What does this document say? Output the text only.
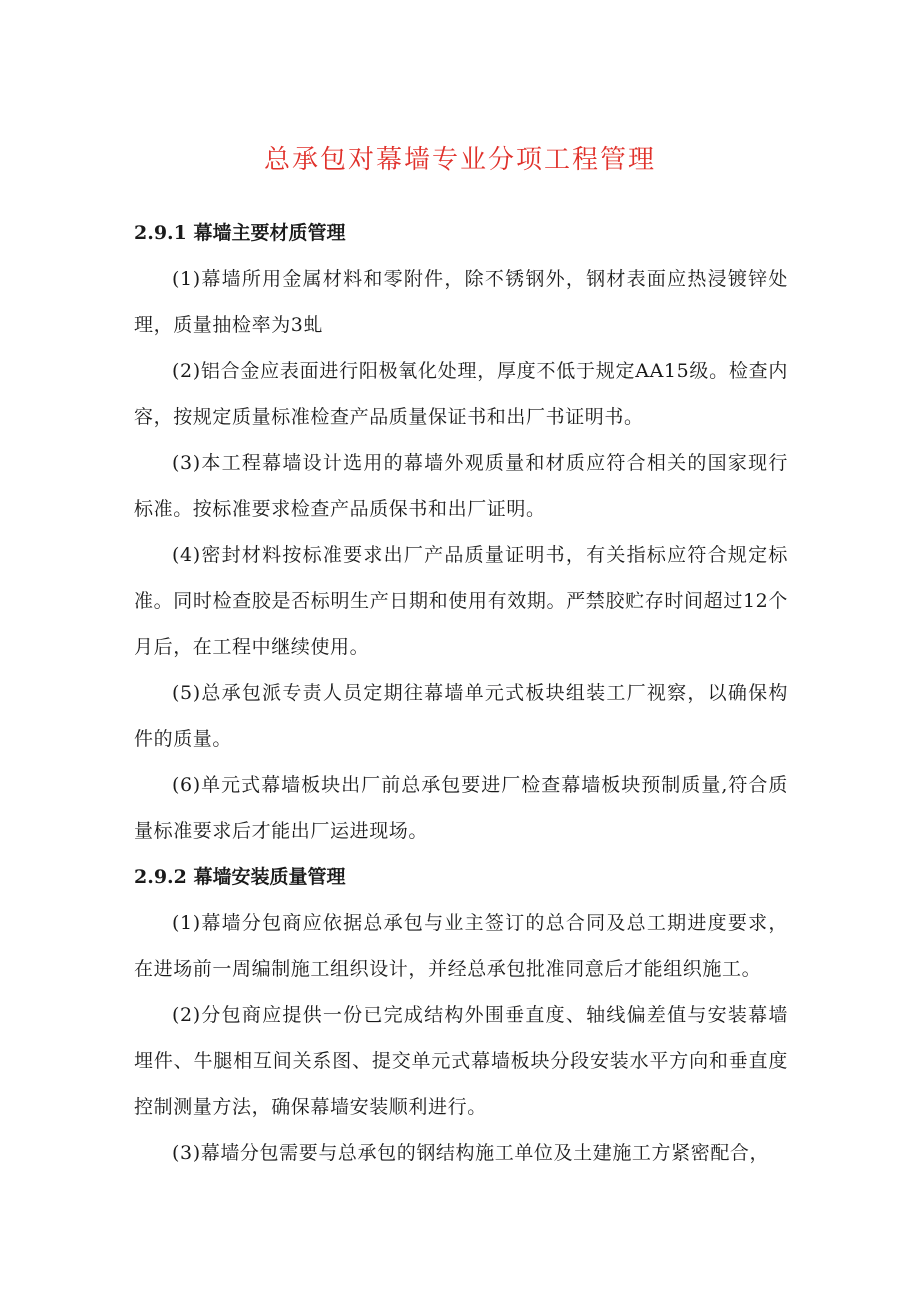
总承包对幕墙专业分项工程管理
2.9.1 幕墙主要材质管理

(1)幕墙所用金属材料和零附件，除不锈钢外，钢材表面应热浸镀锌处理，质量抽检率为3虬

(2)铝合金应表面进行阳极氧化处理，厚度不低于规定AA15级。检查内容，按规定质量标准检查产品质量保证书和出厂书证明书。

(3)本工程幕墙设计选用的幕墙外观质量和材质应符合相关的国家现行标准。按标准要求检查产品质保书和出厂证明。

(4)密封材料按标准要求出厂产品质量证明书，有关指标应符合规定标准。同时检查胶是否标明生产日期和使用有效期。严禁胶贮存时间超过12个月后，在工程中继续使用。

(5)总承包派专责人员定期往幕墙单元式板块组装工厂视察，以确保构件的质量。

(6)单元式幕墙板块出厂前总承包要进厂检查幕墙板块预制质量,符合质量标准要求后才能出厂运进现场。

2.9.2 幕墙安装质量管理

(1)幕墙分包商应依据总承包与业主签订的总合同及总工期进度要求，在进场前一周编制施工组织设计，并经总承包批准同意后才能组织施工。

(2)分包商应提供一份已完成结构外围垂直度、轴线偏差值与安装幕墙埋件、牛腿相互间关系图、提交单元式幕墙板块分段安装水平方向和垂直度控制测量方法，确保幕墙安装顺利进行。

(3)幕墙分包需要与总承包的钢结构施工单位及土建施工方紧密配合，
